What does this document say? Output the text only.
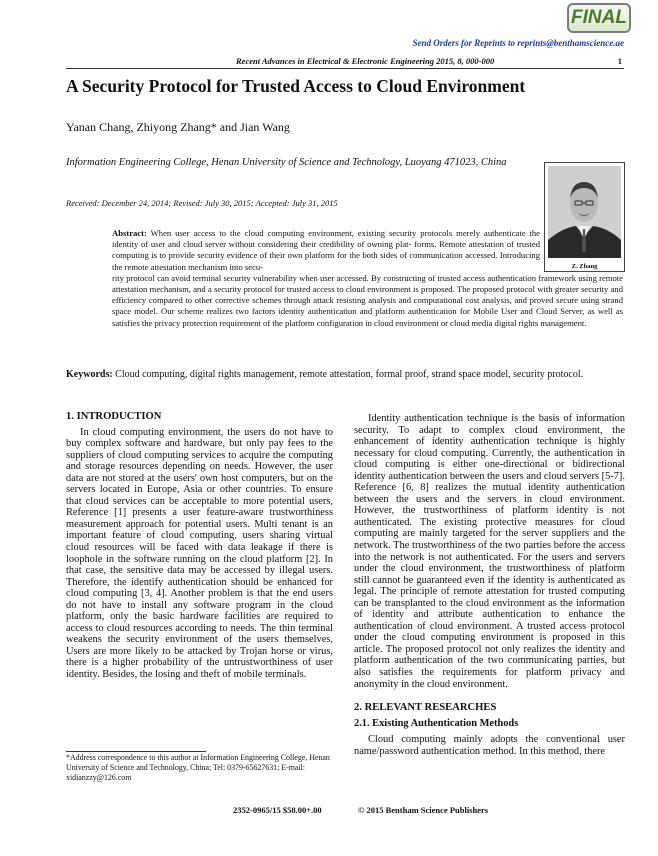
FINAL
Send Orders for Reprints to reprints@benthamscience.ae
Recent Advances in Electrical & Electronic Engineering 2015, 8, 000-000	1
A Security Protocol for Trusted Access to Cloud Environment
Yanan Chang, Zhiyong Zhang* and Jian Wang
Information Engineering College, Henan University of Science and Technology, Luoyang 471023, China
Received: December 24, 2014; Revised: July 30, 2015; Accepted: July 31, 2015
Z. Zhang
Abstract: When user access to the cloud computing environment, existing security protocols merely authenticate the identity of user and cloud server without considering their credibility of owning plat- forms. Remote attestation of trusted computing is to provide security evidence of their own platform for the both sides of communication accessed. Introducing the remote attestation mechanism into secu-
rity protocol can avoid terminal security vulnerability when user accessed. By constructing of trusted access authentication framework using remote attestation mechanism, and a security protocol for trusted access to cloud environment is proposed. The proposed protocol with greater security and efficiency compared to other corrective schemes through attack resisting analysis and computational cost analysis, and proved secure using strand space model. Our scheme realizes two factors identity authentication and platform authentication for Mobile User and Cloud Server, as well as satisfies the privacy protection requirement of the platform configuration in cloud environment or cloud media digital rights management.
Keywords: Cloud computing, digital rights management, remote attestation, formal proof, strand space model, security protocol.
1. INTRODUCTION

In cloud computing environment, the users do not have to buy complex software and hardware, but only pay fees to the suppliers of cloud computing services to acquire the computing and storage resources depending on needs. However, the user data are not stored at the users' own host computers, but on the servers located in Europe, Asia or other countries. To ensure that cloud services can be acceptable to more potential users, Reference [1] presents a user feature-aware trustworthiness measurement approach for potential users. Multi tenant is an important feature of cloud computing, users sharing virtual cloud resources will be faced with data leakage if there is loophole in the software running on the cloud platform [2]. In that case, the sensitive data may be accessed by illegal users. Therefore, the identify authentication should be enhanced for cloud computing [3, 4]. Another problem is that the end users do not have to install any software program in the cloud platform, only the basic hardware facilities are required to access to cloud resources according to needs. The thin terminal weakens the security environment of the users themselves, Users are more likely to be attacked by Trojan horse or virus, there is a higher probability of the untrustworthiness of user identity. Besides, the losing and theft of mobile terminals.

Identity authentication technique is the basis of information security. To adapt to complex cloud environment, the enhancement of identity authentication technique is highly necessary for cloud computing. Currently, the authentication in cloud computing is either one-directional or bidirectional identity authentication between the users and cloud servers [5-7]. Reference [6, 8] realizes the mutual identity authentication between the users and the servers in cloud environment. However, the trustworthiness of platform identity is not authenticated. The existing protective measures for cloud computing are mainly targeted for the server suppliers and the network. The trustworthiness of the two parties before the access into the network is not authenticated. For the users and servers under the cloud environment, the trustworthiness of platform still cannot be guaranteed even if the identity is authenticated as legal. The principle of remote attestation for trusted computing can be transplanted to the cloud environment as the information of identity and attribute authentication to enhance the authentication of cloud environment. A trusted access protocol under the cloud computing environment is proposed in this article. The proposed protocol not only realizes the identity and platform authentication of the two communicating parties, but also satisfies the requirements for platform privacy and anonymity in the cloud environment.

2. RELEVANT RESEARCHES
2.1. Existing Authentication Methods

Cloud computing mainly adopts the conventional user name/password authentication method. In this method, there

*Address correspondence to this author at Information Engineering College, Henan University of Science and Technology, China; Tel: 0379-65627631; E-mail: xidianzzy@126.com
2352-0965/15 $58.00+.00	© 2015 Bentham Science Publishers
